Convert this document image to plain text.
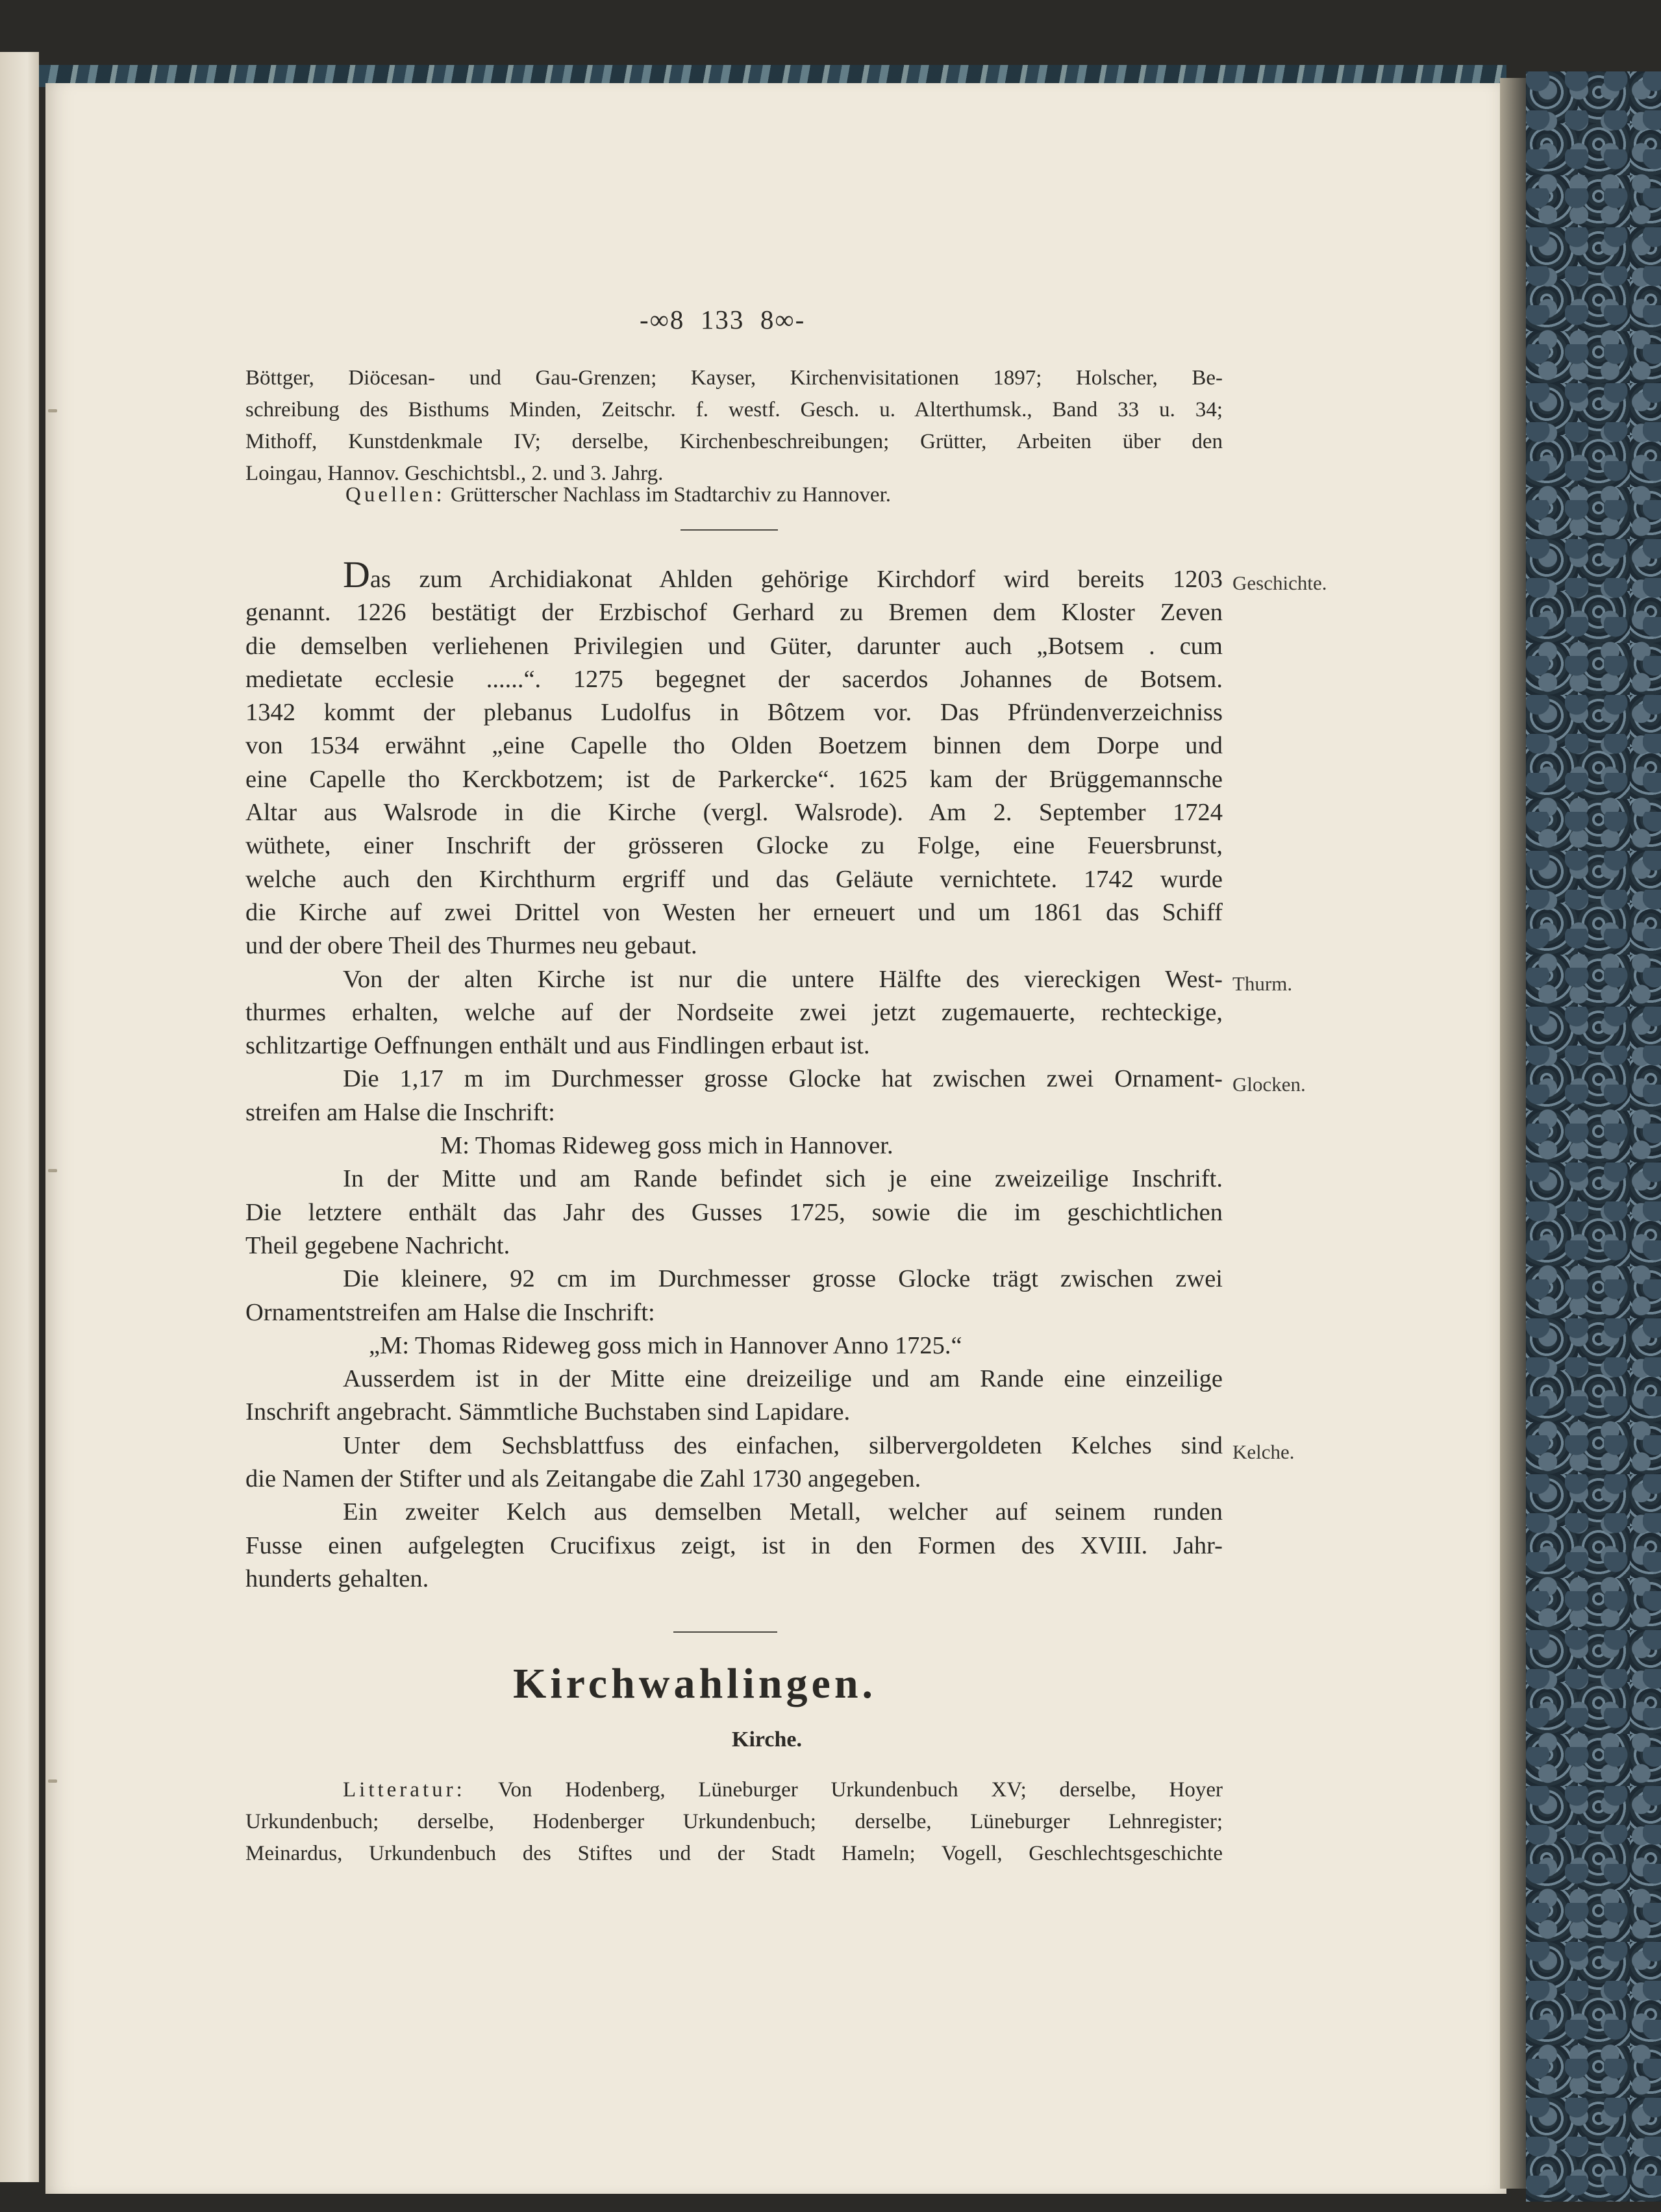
-∞8 133 8∞-
Böttger, Diöcesan- und Gau-Grenzen; Kayser, Kirchenvisitationen 1897; Holscher, Be-
schreibung des Bisthums Minden, Zeitschr. f. westf. Gesch. u. Alterthumsk., Band 33 u. 34;
Mithoff, Kunstdenkmale IV; derselbe, Kirchenbeschreibungen; Grütter, Arbeiten über den
Loingau, Hannov. Geschichtsbl., 2. und 3. Jahrg.
Quellen: Grütterscher Nachlass im Stadtarchiv zu Hannover.
Das zum Archidiakonat Ahlden gehörige Kirchdorf wird bereits 1203
genannt. 1226 bestätigt der Erzbischof Gerhard zu Bremen dem Kloster Zeven
die demselben verliehenen Privilegien und Güter, darunter auch „Botsem . cum
medietate ecclesie ......“. 1275 begegnet der sacerdos Johannes de Botsem.
1342 kommt der plebanus Ludolfus in Bôtzem vor. Das Pfründenverzeichniss
von 1534 erwähnt „eine Capelle tho Olden Boetzem binnen dem Dorpe und
eine Capelle tho Kerckbotzem; ist de Parkercke“. 1625 kam der Brüggemannsche
Altar aus Walsrode in die Kirche (vergl. Walsrode). Am 2. September 1724
wüthete, einer Inschrift der grösseren Glocke zu Folge, eine Feuersbrunst,
welche auch den Kirchthurm ergriff und das Geläute vernichtete. 1742 wurde
die Kirche auf zwei Drittel von Westen her erneuert und um 1861 das Schiff
und der obere Theil des Thurmes neu gebaut.
Von der alten Kirche ist nur die untere Hälfte des viereckigen West-
thurmes erhalten, welche auf der Nordseite zwei jetzt zugemauerte, rechteckige,
schlitzartige Oeffnungen enthält und aus Findlingen erbaut ist.
Die 1,17 m im Durchmesser grosse Glocke hat zwischen zwei Ornament-
streifen am Halse die Inschrift:
M: Thomas Rideweg goss mich in Hannover.
In der Mitte und am Rande befindet sich je eine zweizeilige Inschrift.
Die letztere enthält das Jahr des Gusses 1725, sowie die im geschichtlichen
Theil gegebene Nachricht.
Die kleinere, 92 cm im Durchmesser grosse Glocke trägt zwischen zwei
Ornamentstreifen am Halse die Inschrift:
„M: Thomas Rideweg goss mich in Hannover Anno 1725.“
Ausserdem ist in der Mitte eine dreizeilige und am Rande eine einzeilige
Inschrift angebracht. Sämmtliche Buchstaben sind Lapidare.
Unter dem Sechsblattfuss des einfachen, silbervergoldeten Kelches sind
die Namen der Stifter und als Zeitangabe die Zahl 1730 angegeben.
Ein zweiter Kelch aus demselben Metall, welcher auf seinem runden
Fusse einen aufgelegten Crucifixus zeigt, ist in den Formen des XVIII. Jahr-
hunderts gehalten.
Geschichte.
Thurm.
Glocken.
Kelche.
Kirchwahlingen.
Kirche.
Litteratur: Von Hodenberg, Lüneburger Urkundenbuch XV; derselbe, Hoyer
Urkundenbuch; derselbe, Hodenberger Urkundenbuch; derselbe, Lüneburger Lehnregister;
Meinardus, Urkundenbuch des Stiftes und der Stadt Hameln; Vogell, Geschlechtsgeschichte
